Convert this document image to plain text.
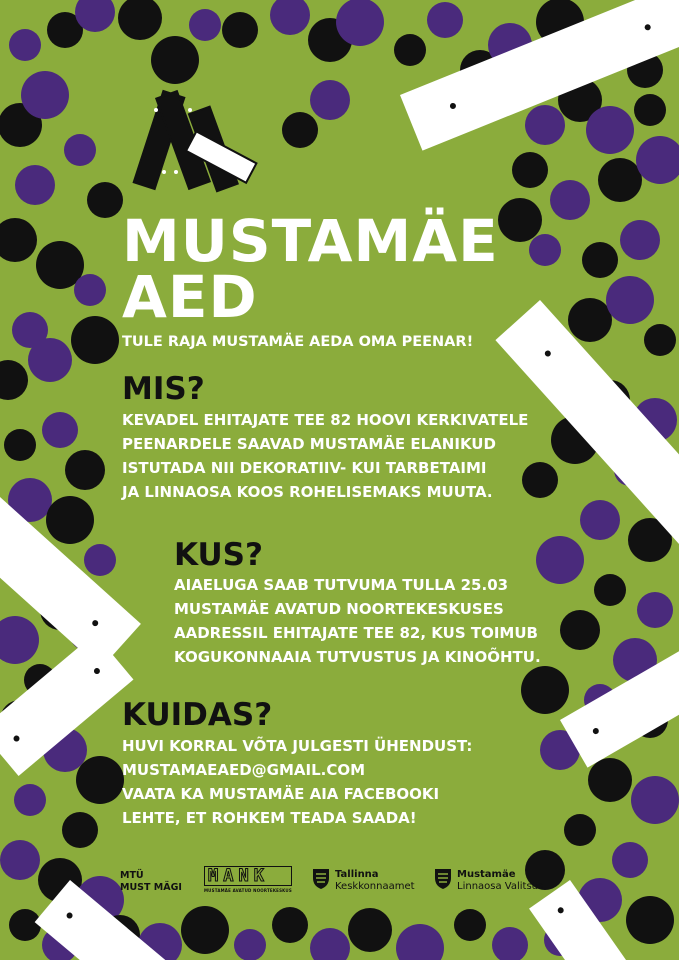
MUSTAMÄE
AED
TULE RAJA MUSTAMÄE AEDA OMA PEENAR!
MIS?
KEVADEL EHITAJATE TEE 82 HOOVI KERKIVATELE
PEENARDELE SAAVAD MUSTAMÄE ELANIKUD
ISTUTADA NII DEKORATIIV- KUI TARBETAIMI
JA LINNAOSA KOOS ROHELISEMAKS MUUTA.
KUS?
AIAELUGA SAAB TUTVUMA TULLA 25.03
MUSTAMÄE AVATUD NOORTEKESKUSES
AADRESSIL EHITAJATE TEE 82, KUS TOIMUB
KOGUKONNAAIA TUTVUSTUS JA KINOÕHTU.
KUIDAS?
HUVI KORRAL VÕTA JULGESTI ÜHENDUST:
MUSTAMAEAED@GMAIL.COM
VAATA KA MUSTAMÄE AIA FACEBOOKI
LEHTE, ET ROHKEM TEADA SAADA!
MTÜ
MUST MÄGI
MANK
MUSTAMÄE AVATUD NOORTEKESKUS
Tallinna
Keskkonnaamet
Mustamäe
Linnaosa Valitsus
